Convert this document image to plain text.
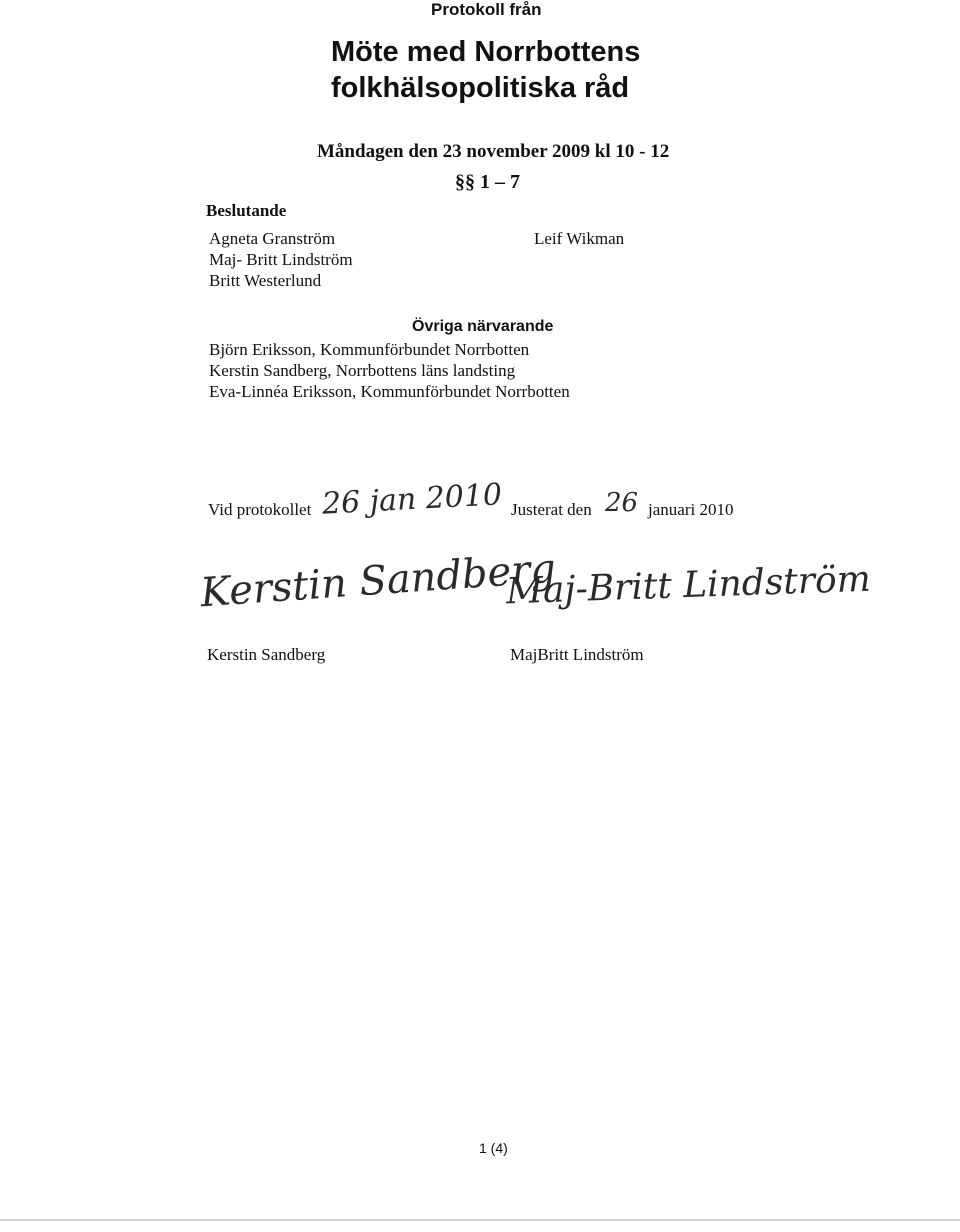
Protokoll från
Möte med Norrbottens
folkhälsopolitiska råd
Måndagen den 23 november 2009 kl 10 - 12
§§ 1 – 7
Beslutande
Agneta Granström
Maj- Britt Lindström
Britt Westerlund
Leif Wikman
Övriga närvarande
Björn Eriksson, Kommunförbundet Norrbotten
Kerstin Sandberg, Norrbottens läns landsting
Eva-Linnéa Eriksson, Kommunförbundet Norrbotten
Vid protokollet 26 jan 2010 Justerat den 26 januari 2010
Kerstin Sandberg
Maj-Britt Lindström
Kerstin Sandberg	MajBritt Lindström
1 (4)
